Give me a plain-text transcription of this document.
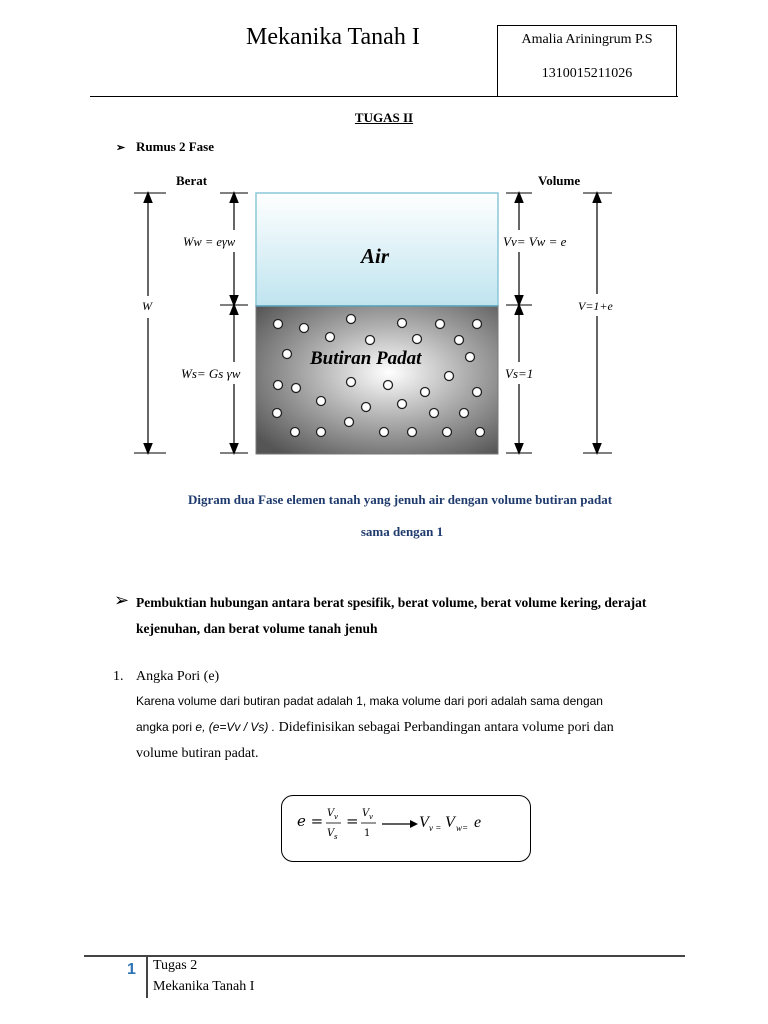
Mekanika Tanah I	Amalia Ariningrum P.S
1310015211026
TUGAS II
➢ Rumus 2 Fase
Berat	Volume
Air
Butiran Padat
Ww = eγw
W
Ws= Gs γw
Vv= Vw = e
V=1+e
Vs=1
Digram dua Fase elemen tanah yang jenuh air dengan volume butiran padat
sama dengan 1
➢ Pembuktian hubungan antara berat spesifik, berat volume, berat volume kering, derajat
kejenuhan, dan berat volume tanah jenuh
1. Angka Pori (e)
Karena volume dari butiran padat adalah 1, maka volume dari pori adalah sama dengan
angka pori e, (e=Vv / Vs) . Didefinisikan sebagai Perbandingan antara volume pori dan
volume butiran padat.
e = V v
V s
= V v
1
V v = V w= e
1 Tugas 2
Mekanika Tanah I
